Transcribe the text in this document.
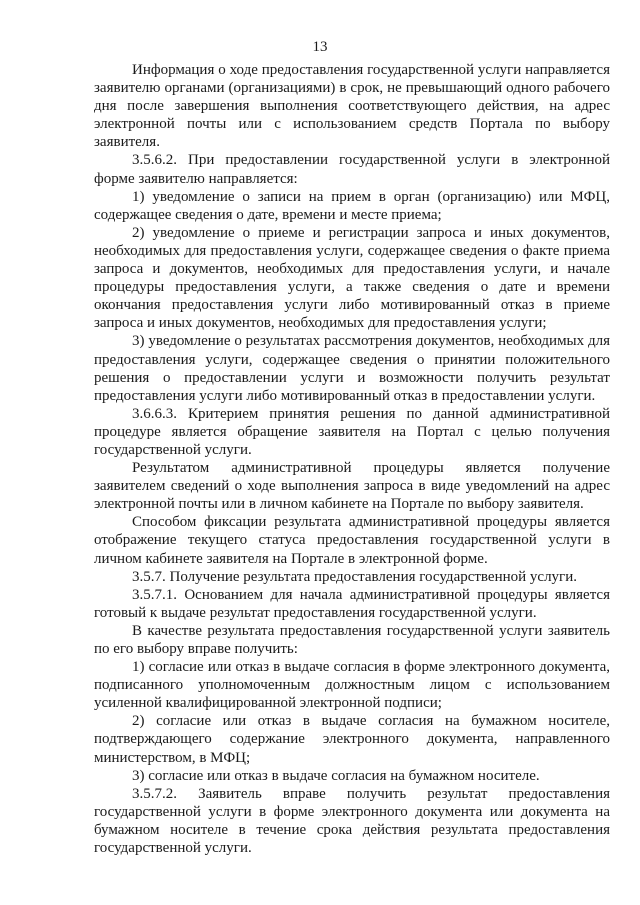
13

Информация о ходе предоставления государственной услуги направляется заявителю органами (организациями) в срок, не превышающий одного рабочего дня после завершения выполнения соответствующего действия, на адрес электронной почты или с использованием средств Портала по выбору заявителя.

3.5.6.2. При предоставлении государственной услуги в электронной форме заявителю направляется:

1) уведомление о записи на прием в орган (организацию) или МФЦ, содержащее сведения о дате, времени и месте приема;

2) уведомление о приеме и регистрации запроса и иных документов, необходимых для предоставления услуги, содержащее сведения о факте приема запроса и документов, необходимых для предоставления услуги, и начале процедуры предоставления услуги, а также сведения о дате и времени окончания предоставления услуги либо мотивированный отказ в приеме запроса и иных документов, необходимых для предоставления услуги;

3) уведомление о результатах рассмотрения документов, необходимых для предоставления услуги, содержащее сведения о принятии положительного решения о предоставлении услуги и возможности получить результат предоставления услуги либо мотивированный отказ в предоставлении услуги.

3.6.6.3. Критерием принятия решения по данной административной процедуре является обращение заявителя на Портал с целью получения государственной услуги.

Результатом административной процедуры является получение заявителем сведений о ходе выполнения запроса в виде уведомлений на адрес электронной почты или в личном кабинете на Портале по выбору заявителя.

Способом фиксации результата административной процедуры является отображение текущего статуса предоставления государственной услуги в личном кабинете заявителя на Портале в электронной форме.

3.5.7. Получение результата предоставления государственной услуги.

3.5.7.1. Основанием для начала административной процедуры является готовый к выдаче результат предоставления государственной услуги.

В качестве результата предоставления государственной услуги заявитель по его выбору вправе получить:

1) согласие или отказ в выдаче согласия в форме электронного документа, подписанного уполномоченным должностным лицом с использованием усиленной квалифицированной электронной подписи;

2) согласие или отказ в выдаче согласия на бумажном носителе, подтверждающего содержание электронного документа, направленного министерством, в МФЦ;

3) согласие или отказ в выдаче согласия на бумажном носителе.

3.5.7.2. Заявитель вправе получить результат предоставления государственной услуги в форме электронного документа или документа на бумажном носителе в течение срока действия результата предоставления государственной услуги.
